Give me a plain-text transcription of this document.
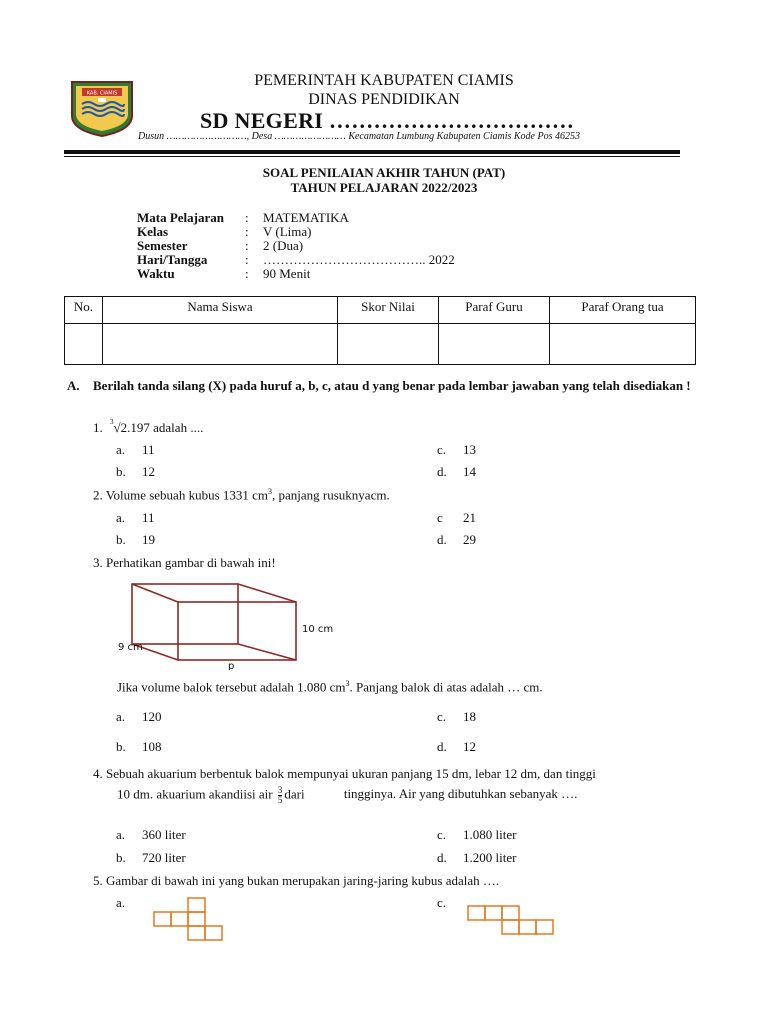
KAB. CIAMIS
PEMERINTAH KABUPATEN CIAMIS
DINAS PENDIDIKAN
SD NEGERI ……………………………
Dusun ………………………, Desa …………………… Kecamatan Lumbung Kabupaten Ciamis Kode Pos 46253
SOAL PENILAIAN AKHIR TAHUN (PAT)
TAHUN PELAJARAN 2022/2023
Mata Pelajaran	:	MATEMATIKA
Kelas	:	V (Lima)
Semester	:	2 (Dua)
Hari/Tangga	:	……………………………….. 2022
Waktu	:	90 Menit
No.	Nama Siswa	Skor Nilai	Paraf Guru	Paraf Orang tua

A. Berilah tanda silang (X) pada huruf a, b, c, atau d yang benar pada lembar jawaban yang telah disediakan !
1. $^3$√2.197 adalah ....
a. 11	c. 13
b. 12	d. 14
2. Volume sebuah kubus 1331 $cm^3$, panjang rusuknyacm.
a. 11	c 21
b. 19	d. 29
3. Perhatikan gambar di bawah ini!
10 cm
9 cm
p
Jika volume balok tersebut adalah 1.080 $cm^3$. Panjang balok di atas adalah … cm.
a. 120	c. 18
b. 108	d. 12
4. Sebuah akuarium berbentuk balok mempunyai ukuran panjang 15 dm, lebar 12 dm, dan tinggi
10 dm. akuarium akandiisi air $\frac{3}{5}$ dari	tingginya. Air yang dibutuhkan sebanyak ….
a. 360 liter	c. 1.080 liter
b. 720 liter	d. 1.200 liter
5. Gambar di bawah ini yang bukan merupakan jaring-jaring kubus adalah ….
a.	c.
